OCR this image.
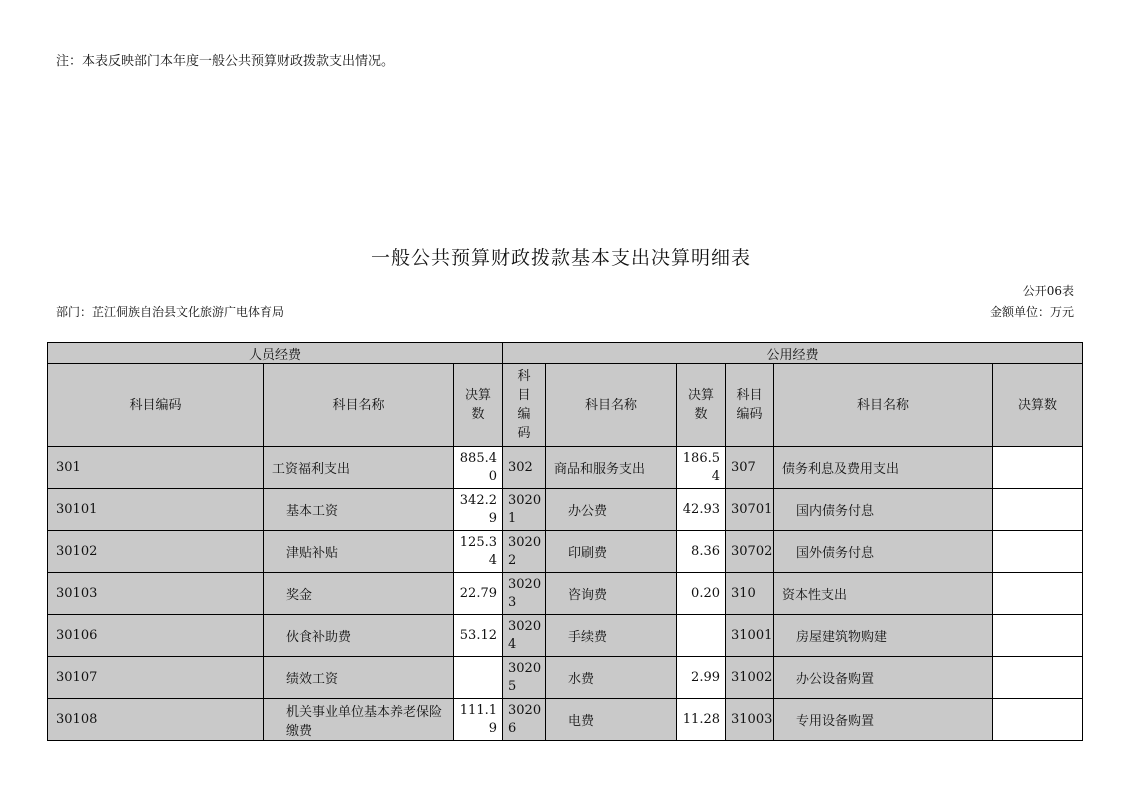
注：本表反映部门本年度一般公共预算财政拨款支出情况。
一般公共预算财政拨款基本支出决算明细表
公开06表
部门：芷江侗族自治县文化旅游广电体育局	金额单位：万元
人员经费			公用经费					
科目编码	科目名称	决算数	科目编码	科目名称	决算数	科目编码	科目名称	决算数
301	工资福利支出	885.40	302	商品和服务支出	186.54	307	债务利息及费用支出	
30101	基本工资	342.29	30201	办公费	42.93	30701	国内债务付息	
30102	津贴补贴	125.34	30202	印刷费	8.36	30702	国外债务付息	
30103	奖金	22.79	30203	咨询费	0.20	310	资本性支出	
30106	伙食补助费	53.12	30204	手续费		31001	房屋建筑物购建	
30107	绩效工资		30205	水费	2.99	31002	办公设备购置	
30108	机关事业单位基本养老保险缴费	111.19	30206	电费	11.28	31003	专用设备购置	
